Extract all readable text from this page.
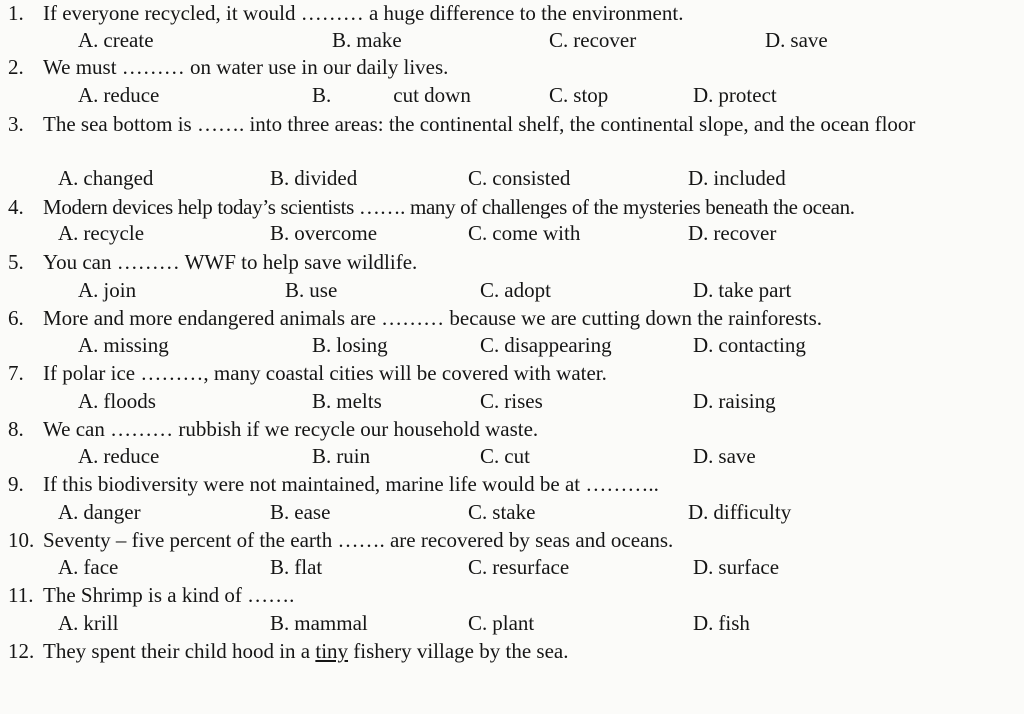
1. If everyone recycled, it would ……… a huge difference to the environment.
A. create	B. make	C. recover	D. save
2. We must ……… on water use in our daily lives.
A. reduce	B.	cut down	C. stop	D. protect
3. The sea bottom is ……. into three areas: the continental shelf, the continental slope, and the ocean floor
A. changed	B. divided	C. consisted	D. included
4. Modern devices help today’s scientists ……. many of challenges of the mysteries beneath the ocean.
A. recycle	B. overcome	C. come with	D. recover
5. You can ……… WWF to help save wildlife.
A. join	B. use	C. adopt	D. take part
6. More and more endangered animals are ……… because we are cutting down the rainforests.
A. missing	B. losing	C. disappearing	D. contacting
7. If polar ice ………, many coastal cities will be covered with water.
A. floods	B. melts	C. rises	D. raising
8. We can ……… rubbish if we recycle our household waste.
A. reduce	B. ruin	C. cut	D. save
9. If this biodiversity were not maintained, marine life would be at ………..
A. danger	B. ease	C. stake	D. difficulty
10. Seventy – five percent of the earth ……. are recovered by seas and oceans.
A. face	B. flat	C. resurface	D. surface
11. The Shrimp is a kind of …….
A. krill	B. mammal	C. plant	D. fish
12. They spent their child hood in a tiny fishery village by the sea.
